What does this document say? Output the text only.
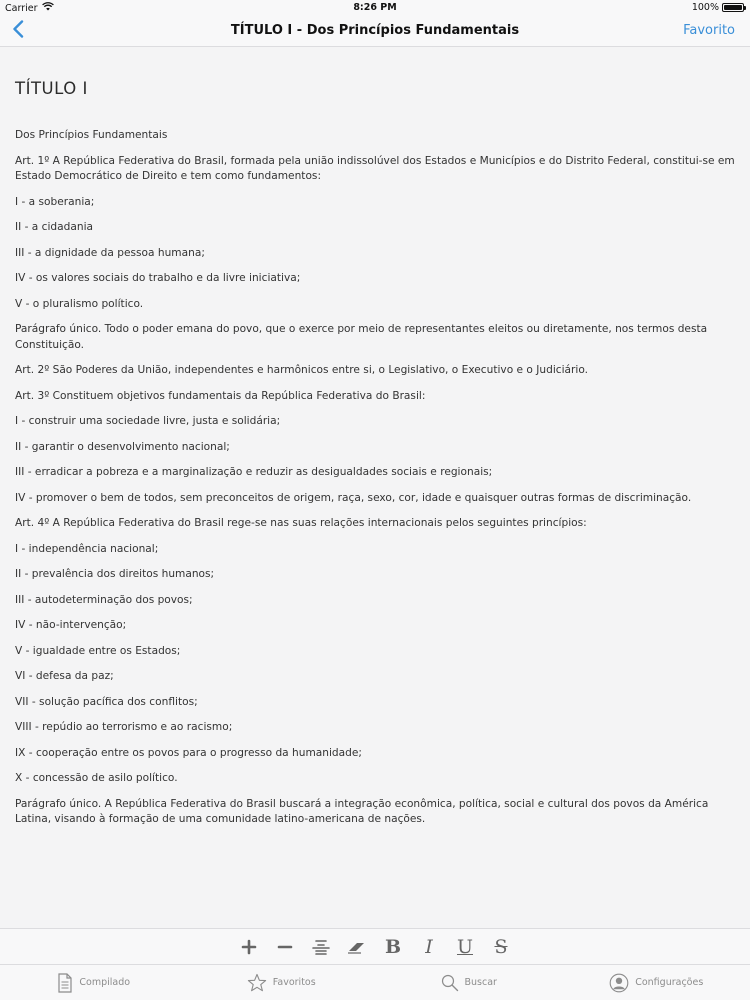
Carrier	8:26 PM	100%
TÍTULO I - Dos Princípios Fundamentais	Favorito
TÍTULO I

Dos Princípios Fundamentais

Art. 1º A República Federativa do Brasil, formada pela união indissolúvel dos Estados e Municípios e do Distrito Federal, constitui-se em Estado Democrático de Direito e tem como fundamentos:

I - a soberania;

II - a cidadania

III - a dignidade da pessoa humana;

IV - os valores sociais do trabalho e da livre iniciativa;

V - o pluralismo político.

Parágrafo único. Todo o poder emana do povo, que o exerce por meio de representantes eleitos ou diretamente, nos termos desta Constituição.

Art. 2º São Poderes da União, independentes e harmônicos entre si, o Legislativo, o Executivo e o Judiciário.

Art. 3º Constituem objetivos fundamentais da República Federativa do Brasil:

I - construir uma sociedade livre, justa e solidária;

II - garantir o desenvolvimento nacional;

III - erradicar a pobreza e a marginalização e reduzir as desigualdades sociais e regionais;

IV - promover o bem de todos, sem preconceitos de origem, raça, sexo, cor, idade e quaisquer outras formas de discriminação.

Art. 4º A República Federativa do Brasil rege-se nas suas relações internacionais pelos seguintes princípios:

I - independência nacional;

II - prevalência dos direitos humanos;

III - autodeterminação dos povos;

IV - não-intervenção;

V - igualdade entre os Estados;

VI - defesa da paz;

VII - solução pacífica dos conflitos;

VIII - repúdio ao terrorismo e ao racismo;

IX - cooperação entre os povos para o progresso da humanidade;

X - concessão de asilo político.

Parágrafo único. A República Federativa do Brasil buscará a integração econômica, política, social e cultural dos povos da América Latina, visando à formação de uma comunidade latino-americana de nações.

B I U S
Compilado	Favoritos	Buscar	Configurações
